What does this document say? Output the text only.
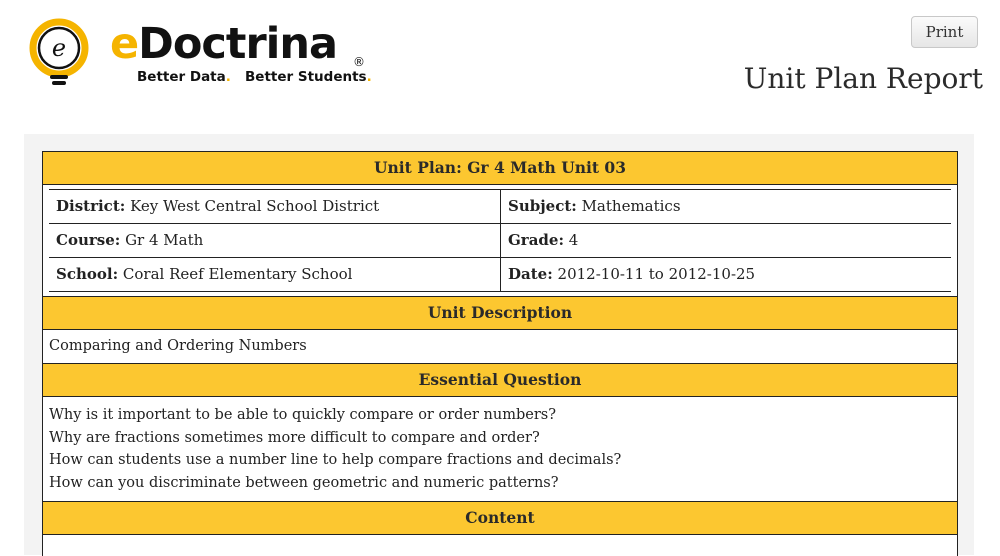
e eDoctrina ®
Better Data. Better Students.
Print
Unit Plan Report
Unit Plan: Gr 4 Math Unit 03
District: Key West Central School District	Subject: Mathematics
Course: Gr 4 Math	Grade: 4
School: Coral Reef Elementary School	Date: 2012-10-11 to 2012-10-25
Unit Description
Comparing and Ordering Numbers
Essential Question
Why is it important to be able to quickly compare or order numbers?
Why are fractions sometimes more difficult to compare and order?
How can students use a number line to help compare fractions and decimals?
How can you discriminate between geometric and numeric patterns?
Content
